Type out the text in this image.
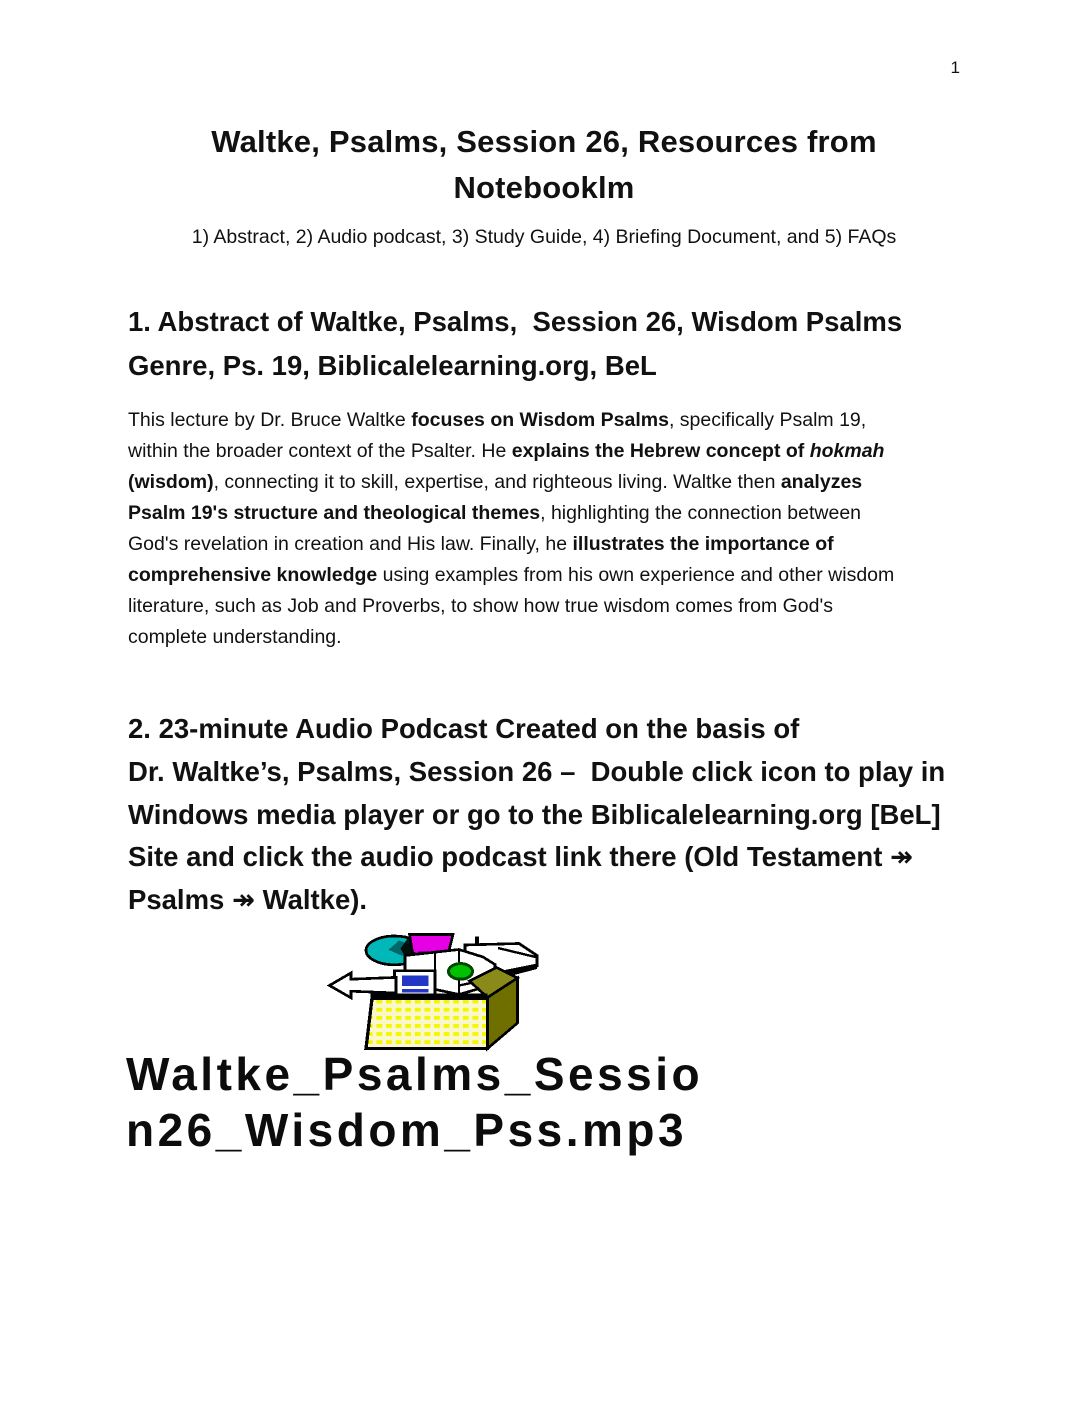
1
Waltke, Psalms, Session 26, Resources from
Notebooklm
1) Abstract, 2) Audio podcast, 3) Study Guide, 4) Briefing Document, and 5) FAQs
1. Abstract of Waltke, Psalms,  Session 26, Wisdom Psalms
Genre, Ps. 19, Biblicalelearning.org, BeL
This lecture by Dr. Bruce Waltke focuses on Wisdom Psalms, specifically Psalm 19,
within the broader context of the Psalter. He explains the Hebrew concept of hokmah
(wisdom), connecting it to skill, expertise, and righteous living. Waltke then analyzes
Psalm 19's structure and theological themes, highlighting the connection between
God's revelation in creation and His law. Finally, he illustrates the importance of
comprehensive knowledge using examples from his own experience and other wisdom
literature, such as Job and Proverbs, to show how true wisdom comes from God's
complete understanding.
2. 23-minute Audio Podcast Created on the basis of
Dr. Waltke’s, Psalms, Session 26 –  Double click icon to play in
Windows media player or go to the Biblicalelearning.org [BeL]
Site and click the audio podcast link there (Old Testament ↠
Psalms ↠ Waltke).
Waltke_Psalms_Sessio
n26_Wisdom_Pss.mp3
